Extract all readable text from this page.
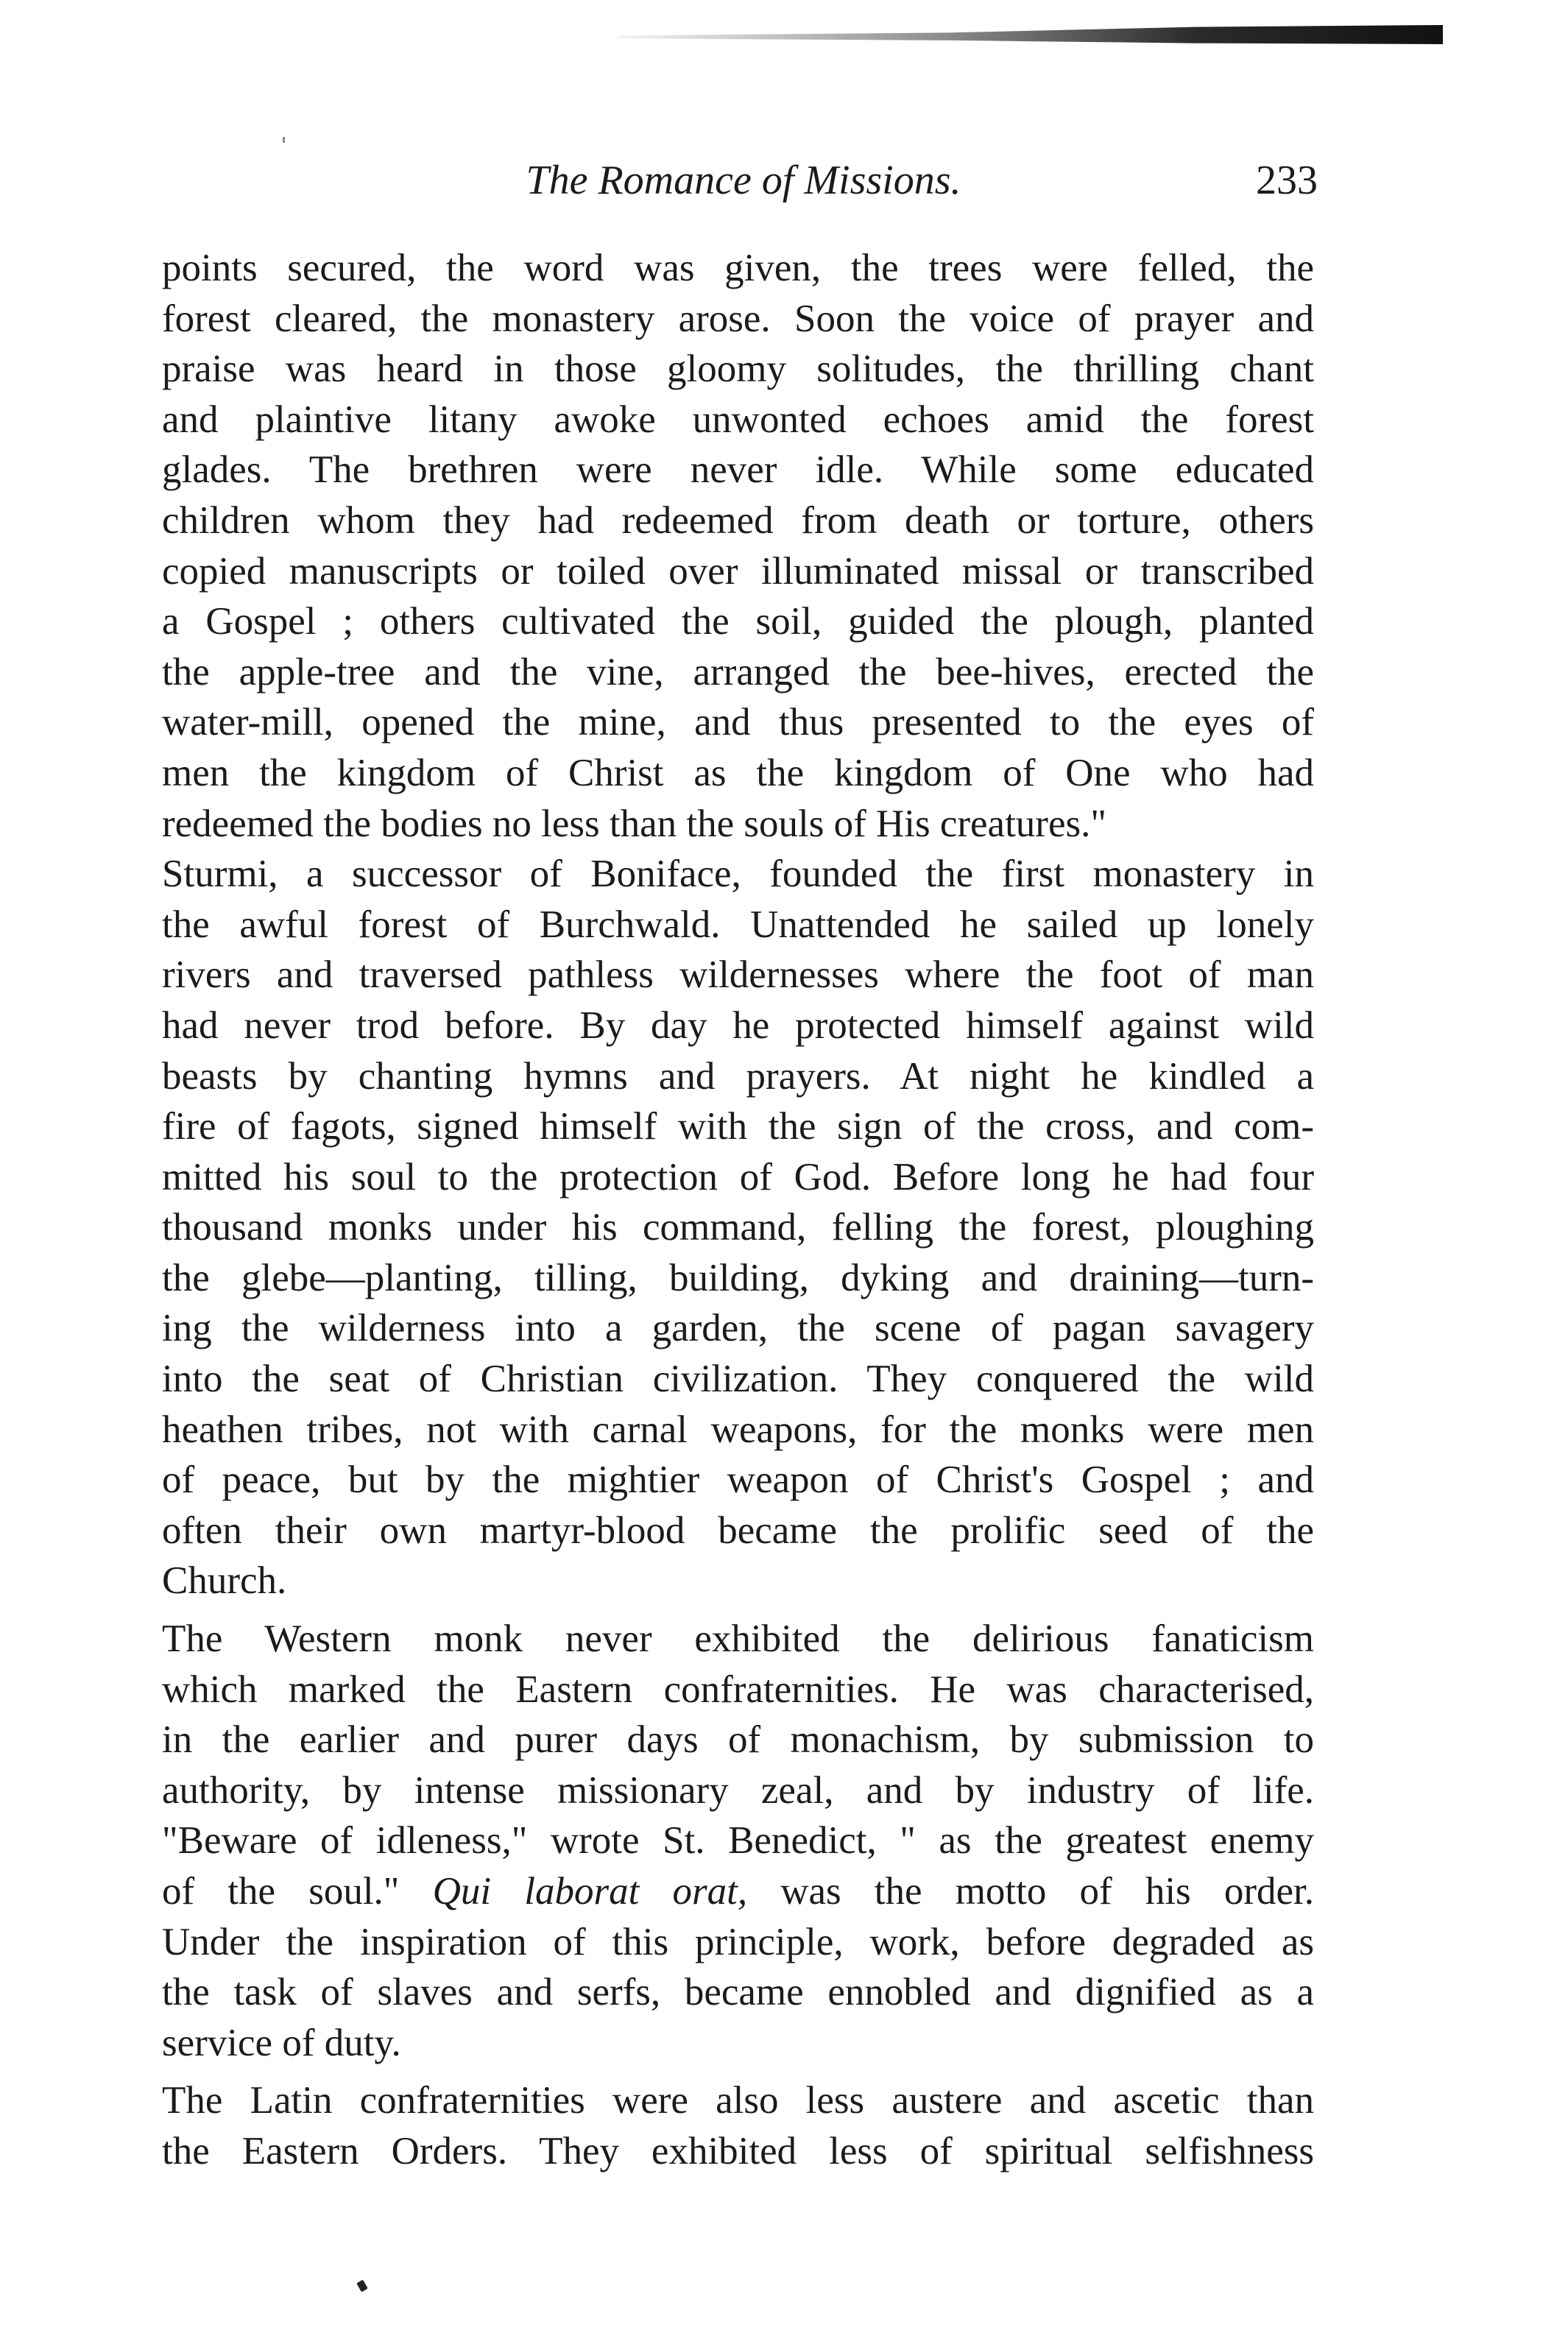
The Romance of Missions.	233
points secured, the word was given, the trees were felled, the
forest cleared, the monastery arose. Soon the voice of prayer and
praise was heard in those gloomy solitudes, the thrilling chant
and plaintive litany awoke unwonted echoes amid the forest
glades. The brethren were never idle. While some educated
children whom they had redeemed from death or torture, others
copied manuscripts or toiled over illuminated missal or transcribed
a Gospel ; others cultivated the soil, guided the plough, planted
the apple-tree and the vine, arranged the bee-hives, erected the
water-mill, opened the mine, and thus presented to the eyes of
men the kingdom of Christ as the kingdom of One who had
redeemed the bodies no less than the souls of His creatures."
Sturmi, a successor of Boniface, founded the first monastery in
the awful forest of Burchwald. Unattended he sailed up lonely
rivers and traversed pathless wildernesses where the foot of man
had never trod before. By day he protected himself against wild
beasts by chanting hymns and prayers. At night he kindled a
fire of fagots, signed himself with the sign of the cross, and com-
mitted his soul to the protection of God. Before long he had four
thousand monks under his command, felling the forest, ploughing
the glebe—planting, tilling, building, dyking and draining—turn-
ing the wilderness into a garden, the scene of pagan savagery
into the seat of Christian civilization. They conquered the wild
heathen tribes, not with carnal weapons, for the monks were men
of peace, but by the mightier weapon of Christ's Gospel ; and
often their own martyr-blood became the prolific seed of the
Church.
The Western monk never exhibited the delirious fanaticism
which marked the Eastern confraternities. He was characterised,
in the earlier and purer days of monachism, by submission to
authority, by intense missionary zeal, and by industry of life.
"Beware of idleness," wrote St. Benedict, " as the greatest enemy
of the soul." Qui laborat orat, was the motto of his order.
Under the inspiration of this principle, work, before degraded as
the task of slaves and serfs, became ennobled and dignified as a
service of duty.
The Latin confraternities were also less austere and ascetic than
the Eastern Orders. They exhibited less of spiritual selfishness
